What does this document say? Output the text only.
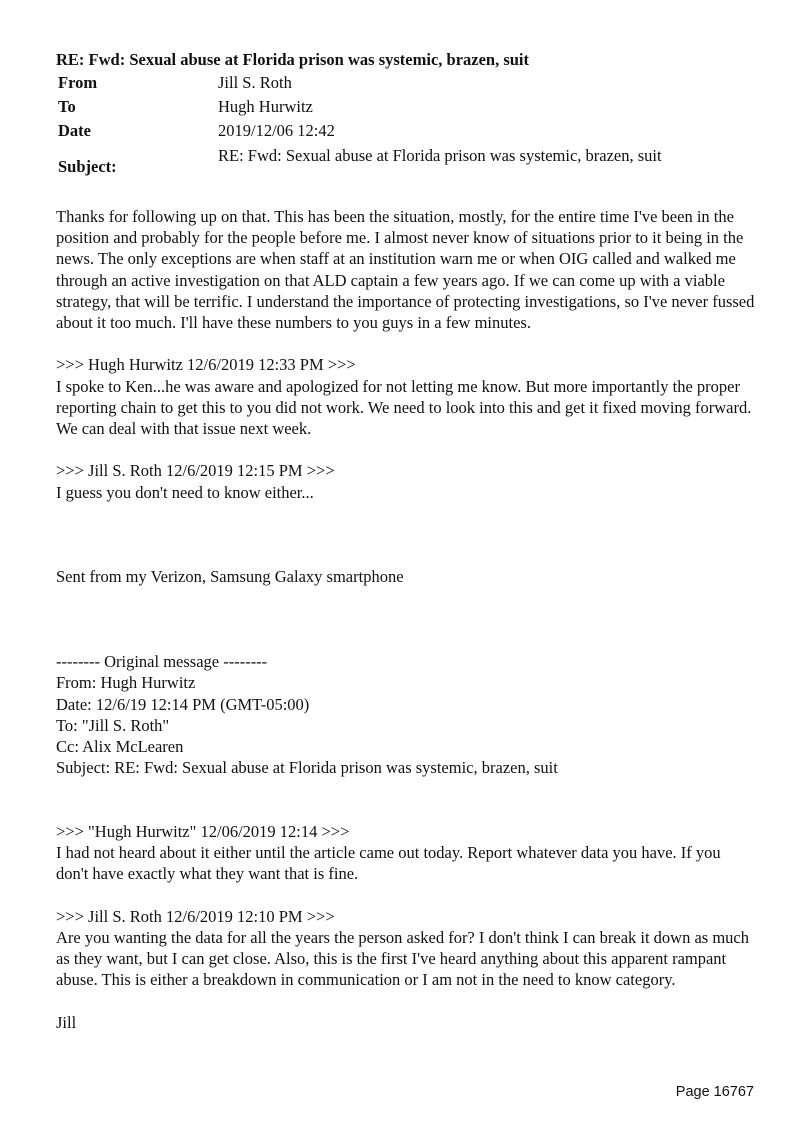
RE: Fwd: Sexual abuse at Florida prison was systemic, brazen, suit
From	Jill S. Roth
To	Hugh Hurwitz
Date	2019/12/06 12:42
Subject:
RE: Fwd: Sexual abuse at Florida prison was systemic, brazen, suit

Thanks for following up on that. This has been the situation, mostly, for the entire time I've been in the position and probably for the people before me. I almost never know of situations prior to it being in the news. The only exceptions are when staff at an institution warn me or when OIG called and walked me through an active investigation on that ALD captain a few years ago. If we can come up with a viable strategy, that will be terrific. I understand the importance of protecting investigations, so I've never fussed about it too much. I'll have these numbers to you guys in a few minutes.

>>> Hugh Hurwitz 12/6/2019 12:33 PM >>>

I spoke to Ken...he was aware and apologized for not letting me know. But more importantly the proper reporting chain to get this to you did not work. We need to look into this and get it fixed moving forward. We can deal with that issue next week.

>>> Jill S. Roth 12/6/2019 12:15 PM >>>

I guess you don't need to know either...

Sent from my Verizon, Samsung Galaxy smartphone

-------- Original message --------

From: Hugh Hurwitz

Date: 12/6/19 12:14 PM (GMT-05:00)

To: "Jill S. Roth"

Cc: Alix McLearen

Subject: RE: Fwd: Sexual abuse at Florida prison was systemic, brazen, suit

>>> "Hugh Hurwitz" 12/06/2019 12:14 >>>

I had not heard about it either until the article came out today. Report whatever data you have. If you don't have exactly what they want that is fine.

>>> Jill S. Roth 12/6/2019 12:10 PM >>>

Are you wanting the data for all the years the person asked for? I don't think I can break it down as much as they want, but I can get close. Also, this is the first I've heard anything about this apparent rampant abuse. This is either a breakdown in communication or I am not in the need to know category.

Jill

Page 16767
